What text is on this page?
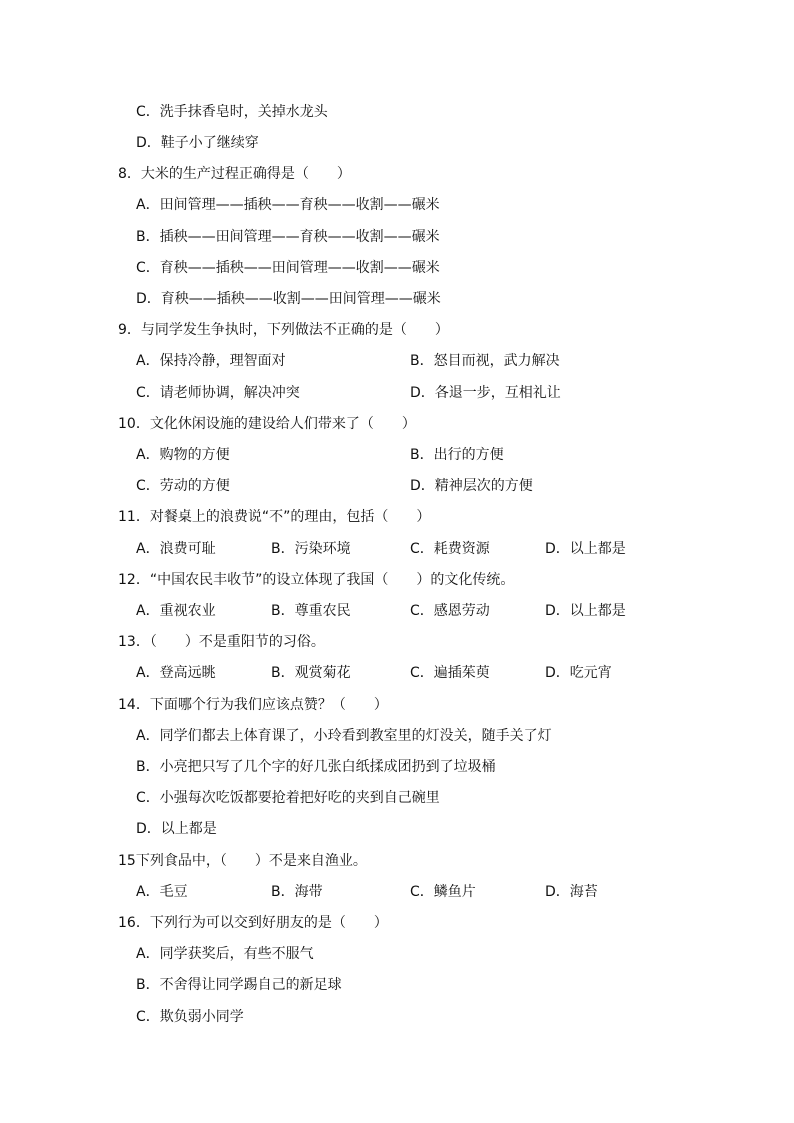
C．洗手抹香皂时，关掉水龙头
D．鞋子小了继续穿
8．大米的生产过程正确得是（　　）
A．田间管理——插秧——育秧——收割——碾米
B．插秧——田间管理——育秧——收割——碾米
C．育秧——插秧——田间管理——收割——碾米
D．育秧——插秧——收割——田间管理——碾米
9．与同学发生争执时，下列做法不正确的是（　　）
A．保持冷静，理智面对	B．怒目而视，武力解决
C．请老师协调，解决冲突	D．各退一步，互相礼让
10．文化休闲设施的建设给人们带来了（　　）
A．购物的方便	B．出行的方便
C．劳动的方便	D．精神层次的方便
11．对餐桌上的浪费说“不”的理由，包括（　　）
A．浪费可耻	B．污染环境	C．耗费资源	D．以上都是
12．“中国农民丰收节”的设立体现了我国（　　）的文化传统。
A．重视农业	B．尊重农民	C．感恩劳动	D．以上都是
13．（　　）不是重阳节的习俗。
A．登高远眺	B．观赏菊花	C．遍插茱萸	D．吃元宵
14．下面哪个行为我们应该点赞？（　　）
A．同学们都去上体育课了，小玲看到教室里的灯没关，随手关了灯
B．小亮把只写了几个字的好几张白纸揉成团扔到了垃圾桶
C．小强每次吃饭都要抢着把好吃的夹到自己碗里
D．以上都是
15下列食品中，（　　）不是来自渔业。
A．毛豆	B．海带	C．鳞鱼片	D．海苔
16．下列行为可以交到好朋友的是（　　）
A．同学获奖后，有些不服气
B．不舍得让同学踢自己的新足球
C．欺负弱小同学
